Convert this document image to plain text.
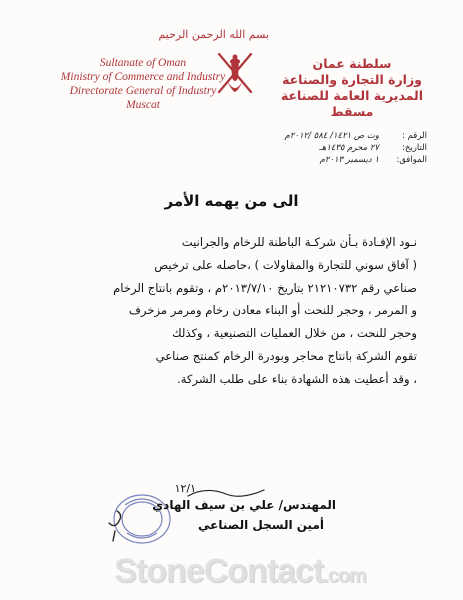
بسم الله الرحمن الرحيم
Sultanate of Oman
Ministry of Commerce and Industry
Directorate General of Industry
Muscat
سلطنة عمان
وزارة التجارة والصناعة
المديرية العامة للصناعة
مسقط
الرقم :
وت ص ١٤٢١/ ٥٨٤ /٢٠١٢م
التاريخ:
٢٧ محرم ١٤٣٥هـ
الموافق:
١ ديسمبر ٢٠١٣م
الى من يهمه الأمر
نـود الإفـادة بـأن شركـة الباطنة للرخام والجرانيت
( آفاق سوني للتجارة والمقاولات ) ،حاصله على ترخيص
صناعي رقم ٢١٢١٠٧٣٢ بتاريخ ٢٠١٣/٧/١٠م ، وتقوم بانتاج الرخام
و المرمر ، وحجر للنحت أو البناء معادن رخام ومرمر مزخرف
وحجر للنحت ، من خلال العمليات التصنيعية ، وكذلك
تقوم الشركة بانتاج محاجر وبودرة الرخام كمنتج صناعي
، وقد أعطيت هذه الشهادة بناء على طلب الشركة.
١٢/١
المهندس/ علي بن سيف الهادي
أمين السجل الصناعي
StoneContact.com
